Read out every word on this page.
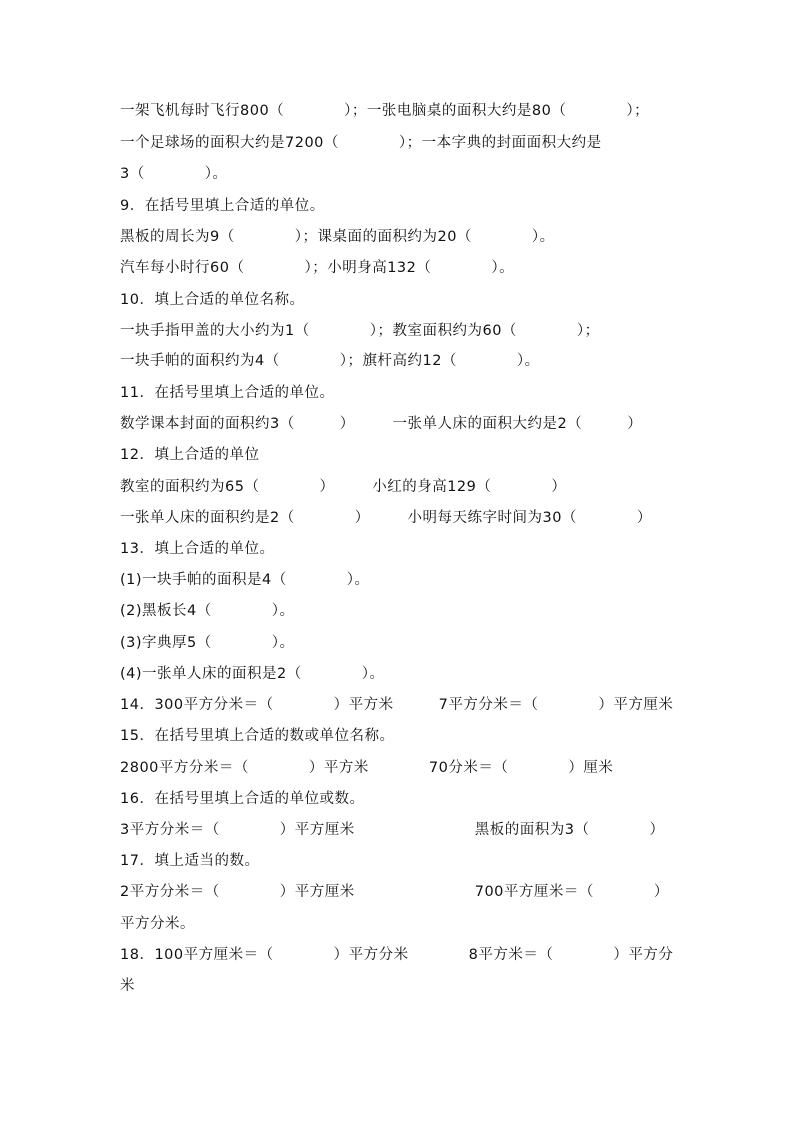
一架飞机每时飞行800（　　　　）；一张电脑桌的面积大约是80（　　　　）；
一个足球场的面积大约是7200（　　　　）；一本字典的封面面积大约是
3（　　　　）。
9．在括号里填上合适的单位。
黑板的周长为9（　　　　）；课桌面的面积约为20（　　　　）。
汽车每小时行60（　　　　）；小明身高132（　　　　）。
10．填上合适的单位名称。
一块手指甲盖的大小约为1（　　　　）；教室面积约为60（　　　　）；
一块手帕的面积约为4（　　　　）；旗杆高约12（　　　　）。
11．在括号里填上合适的单位。
数学课本封面的面积约3（　　　）　　　一张单人床的面积大约是2（　　　）
12．填上合适的单位
教室的面积约为65（　　　　）　　　小红的身高129（　　　　）
一张单人床的面积约是2（　　　　）　　　小明每天练字时间为30（　　　　）
13．填上合适的单位。
(1)一块手帕的面积是4（　　　　）。
(2)黑板长4（　　　　）。
(3)字典厚5（　　　　）。
(4)一张单人床的面积是2（　　　　）。
14．300平方分米＝（　　　　）平方米　　　7平方分米＝（　　　　）平方厘米
15．在括号里填上合适的数或单位名称。
2800平方分米＝（　　　　）平方米　　　　70分米＝（　　　　）厘米
16．在括号里填上合适的单位或数。
3平方分米＝（　　　　）平方厘米　　　　　　　　黑板的面积为3（　　　　）
17．填上适当的数。
2平方分米＝（　　　　）平方厘米　　　　　　　　700平方厘米＝（　　　　）
平方分米。
18．100平方厘米＝（　　　　）平方分米　　　　8平方米＝（　　　　）平方分
米
